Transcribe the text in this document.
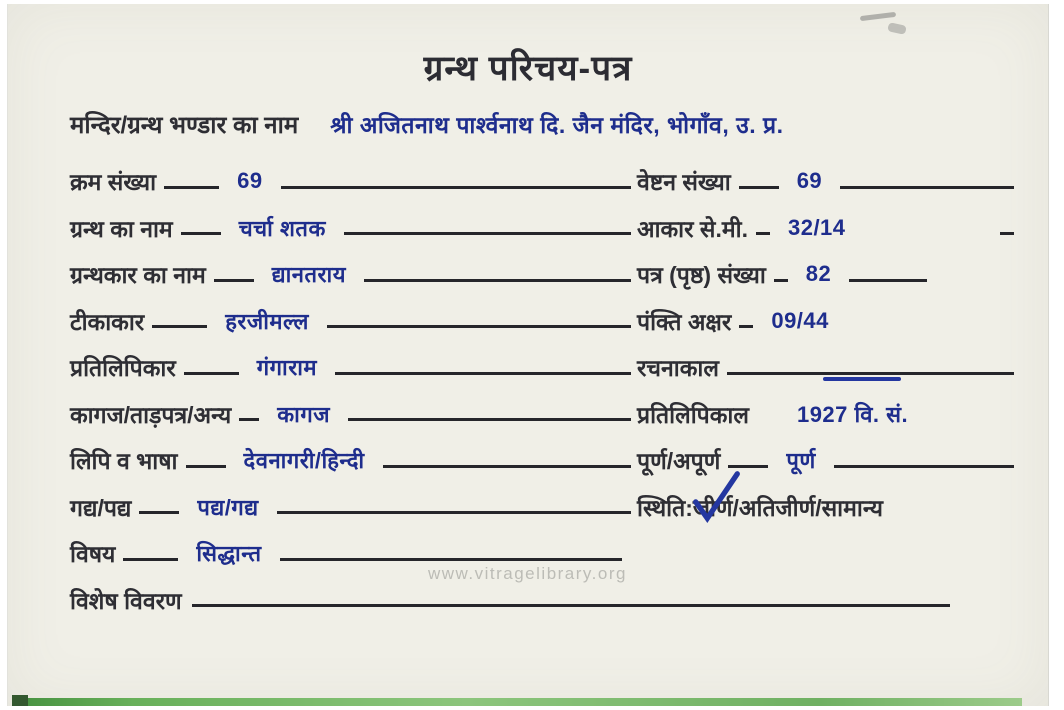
ग्रन्थ परिचय-पत्र
मन्दिर/ग्रन्थ भण्डार का नाम	श्री अजितनाथ पार्श्वनाथ दि. जैन मंदिर, भोगाँव, उ. प्र.
क्रम संख्या	69
ग्रन्थ का नाम	चर्चा शतक
ग्रन्थकार का नाम	द्यानतराय
टीकाकार	हरजीमल्ल
प्रतिलिपिकार	गंगाराम
कागज/ताड़पत्र/अन्य	कागज
लिपि व भाषा	देवनागरी/हिन्दी
गद्य/पद्य	पद्य/गद्य
विषय	सिद्धान्त
विशेष विवरण
वेष्टन संख्या	69
आकार से.मी.	32/14
पत्र (पृष्ठ) संख्या	82
पंक्ति अक्षर	09/44
रचनाकाल
प्रतिलिपिकाल	1927 वि. सं.
पूर्ण/अपूर्ण	पूर्ण
स्थिति: जीर्ण /अतिजीर्ण/सामान्य
www.vitragelibrary.org
